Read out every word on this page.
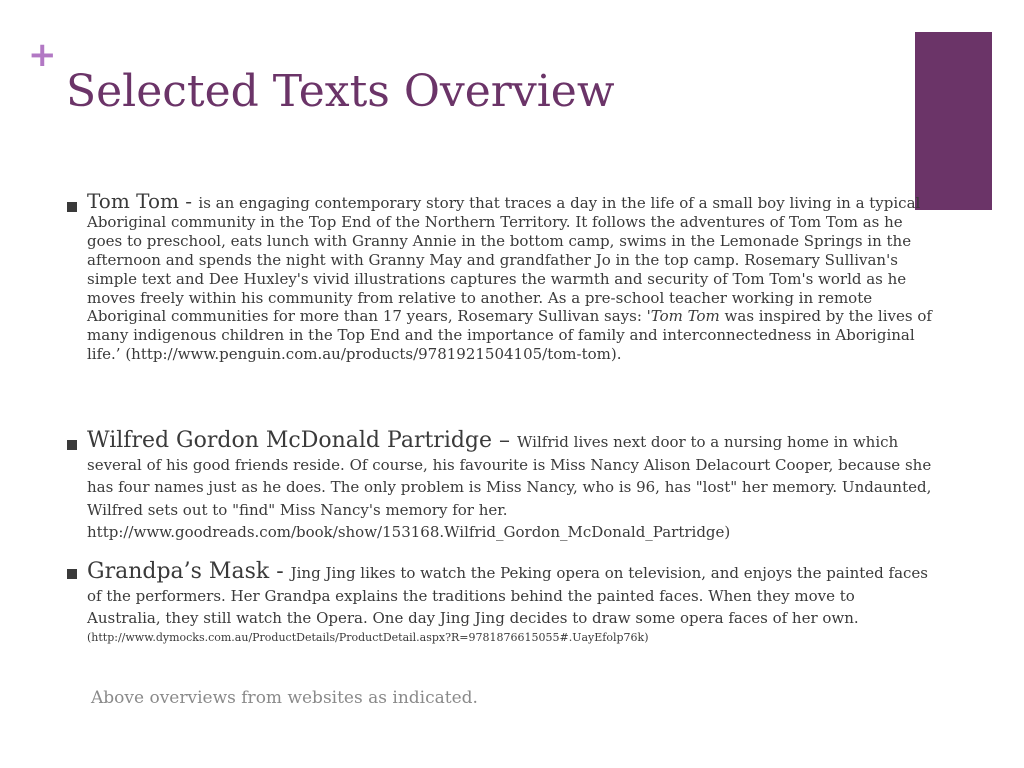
+
Selected Texts Overview
Tom Tom - is an engaging contemporary story that traces a day in the life of a small boy living in a typical Aboriginal community in the Top End of the Northern Territory. It follows the adventures of Tom Tom as he goes to preschool, eats lunch with Granny Annie in the bottom camp, swims in the Lemonade Springs in the afternoon and spends the night with Granny May and grandfather Jo in the top camp. Rosemary Sullivan's simple text and Dee Huxley's vivid illustrations captures the warmth and security of Tom Tom's world as he moves freely within his community from relative to another. As a pre-school teacher working in remote Aboriginal communities for more than 17 years, Rosemary Sullivan says: 'Tom Tom was inspired by the lives of many indigenous children in the Top End and the importance of family and interconnectedness in Aboriginal life.’ (http://www.penguin.com.au/products/9781921504105/tom-tom).
Wilfred Gordon McDonald Partridge – Wilfrid lives next door to a nursing home in which several of his good friends reside. Of course, his favourite is Miss Nancy Alison Delacourt Cooper, because she has four names just as he does. The only problem is Miss Nancy, who is 96, has "lost" her memory. Undaunted, Wilfred sets out to "find" Miss Nancy's memory for her. http://www.goodreads.com/book/show/153168.Wilfrid_Gordon_McDonald_Partridge)
Grandpa’s Mask - Jing Jing likes to watch the Peking opera on television, and enjoys the painted faces of the performers. Her Grandpa explains the traditions behind the painted faces. When they move to Australia, they still watch the Opera. One day Jing Jing decides to draw some opera faces of her own.
(http://www.dymocks.com.au/ProductDetails/ProductDetail.aspx?R=9781876615055#.UayEfolp76k)
Above overviews from websites as indicated.
